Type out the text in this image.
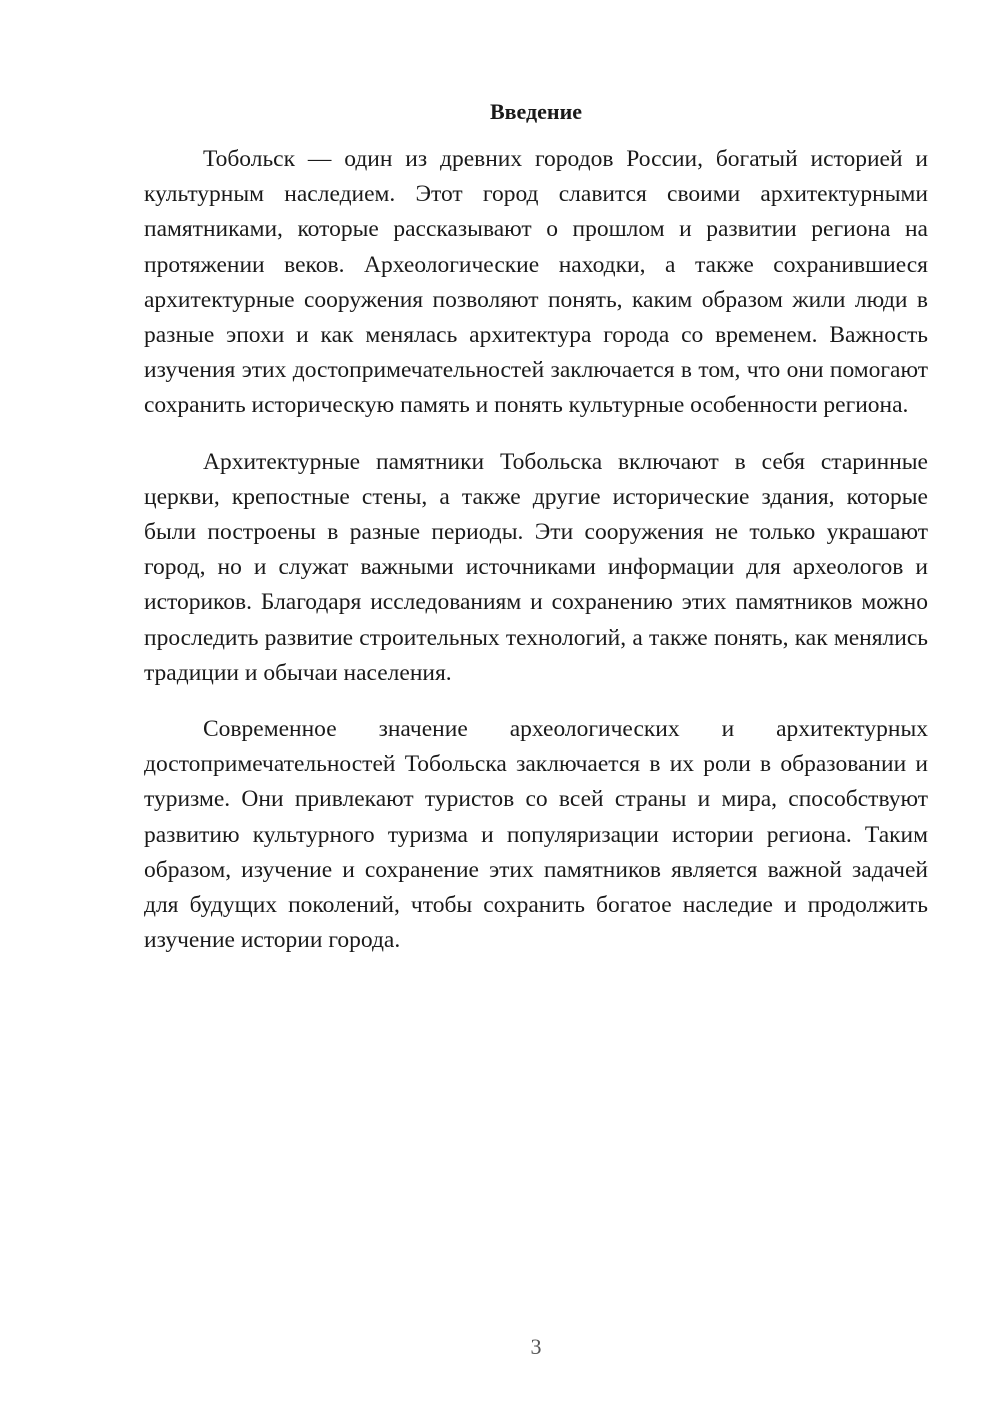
Введение

Тобольск — один из древних городов России, богатый историей и культурным наследием. Этот город славится своими архитектурными памятниками, которые рассказывают о прошлом и развитии региона на протяжении веков. Археологические находки, а также сохранившиеся архитектурные сооружения позволяют понять, каким образом жили люди в разные эпохи и как менялась архитектура города со временем. Важность изучения этих достопримечательностей заключается в том, что они помогают сохранить историческую память и понять культурные особенности региона.

Архитектурные памятники Тобольска включают в себя старинные церкви, крепостные стены, а также другие исторические здания, которые были построены в разные периоды. Эти сооружения не только украшают город, но и служат важными источниками информации для археологов и историков. Благодаря исследованиям и сохранению этих памятников можно проследить развитие строительных технологий, а также понять, как менялись традиции и обычаи населения.

Современное значение археологических и архитектурных достопримечательностей Тобольска заключается в их роли в образовании и туризме. Они привлекают туристов со всей страны и мира, способствуют развитию культурного туризма и популяризации истории региона. Таким образом, изучение и сохранение этих памятников является важной задачей для будущих поколений, чтобы сохранить богатое наследие и продолжить изучение истории города.

3
